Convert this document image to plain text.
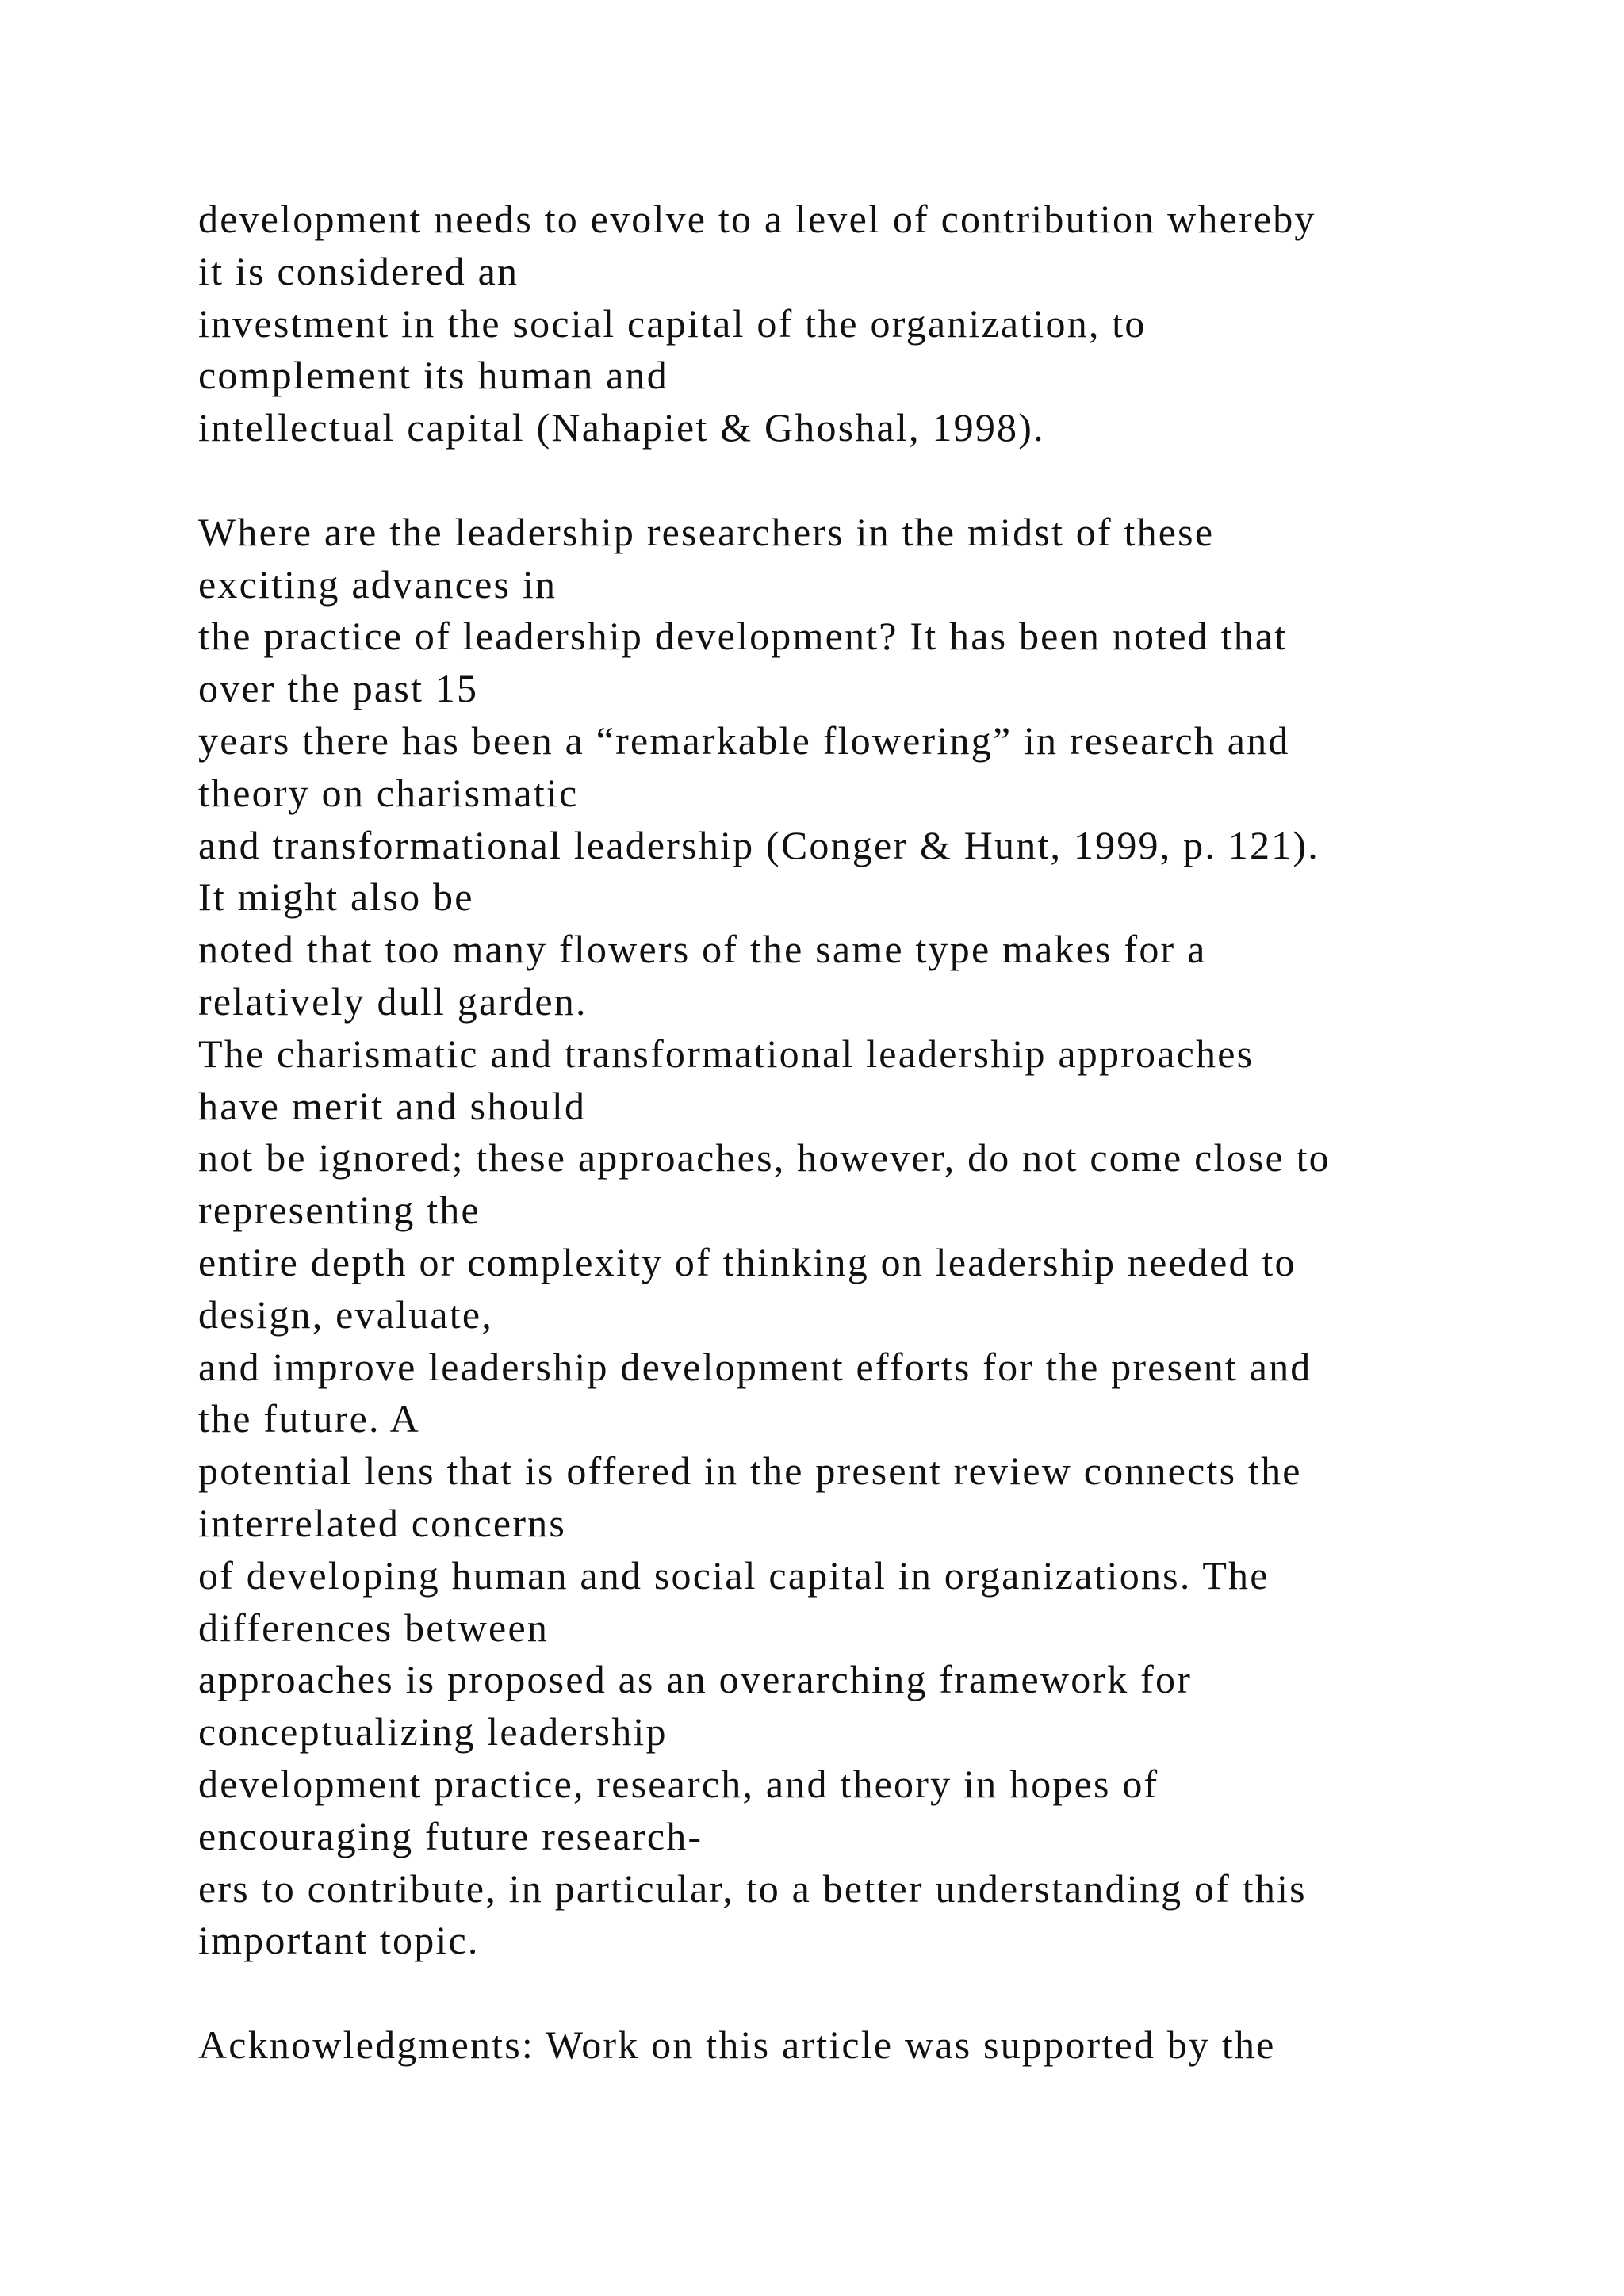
development needs to evolve to a level of contribution whereby
it is considered an
investment in the social capital of the organization, to
complement its human and
intellectual capital (Nahapiet & Ghoshal, 1998).
Where are the leadership researchers in the midst of these
exciting advances in
the practice of leadership development? It has been noted that
over the past 15
years there has been a “remarkable flowering” in research and
theory on charismatic
and transformational leadership (Conger & Hunt, 1999, p. 121).
It might also be
noted that too many flowers of the same type makes for a
relatively dull garden.
The charismatic and transformational leadership approaches
have merit and should
not be ignored; these approaches, however, do not come close to
representing the
entire depth or complexity of thinking on leadership needed to
design, evaluate,
and improve leadership development efforts for the present and
the future. A
potential lens that is offered in the present review connects the
interrelated concerns
of developing human and social capital in organizations. The
differences between
approaches is proposed as an overarching framework for
conceptualizing leadership
development practice, research, and theory in hopes of
encouraging future research-
ers to contribute, in particular, to a better understanding of this
important topic.
Acknowledgments: Work on this article was supported by the
